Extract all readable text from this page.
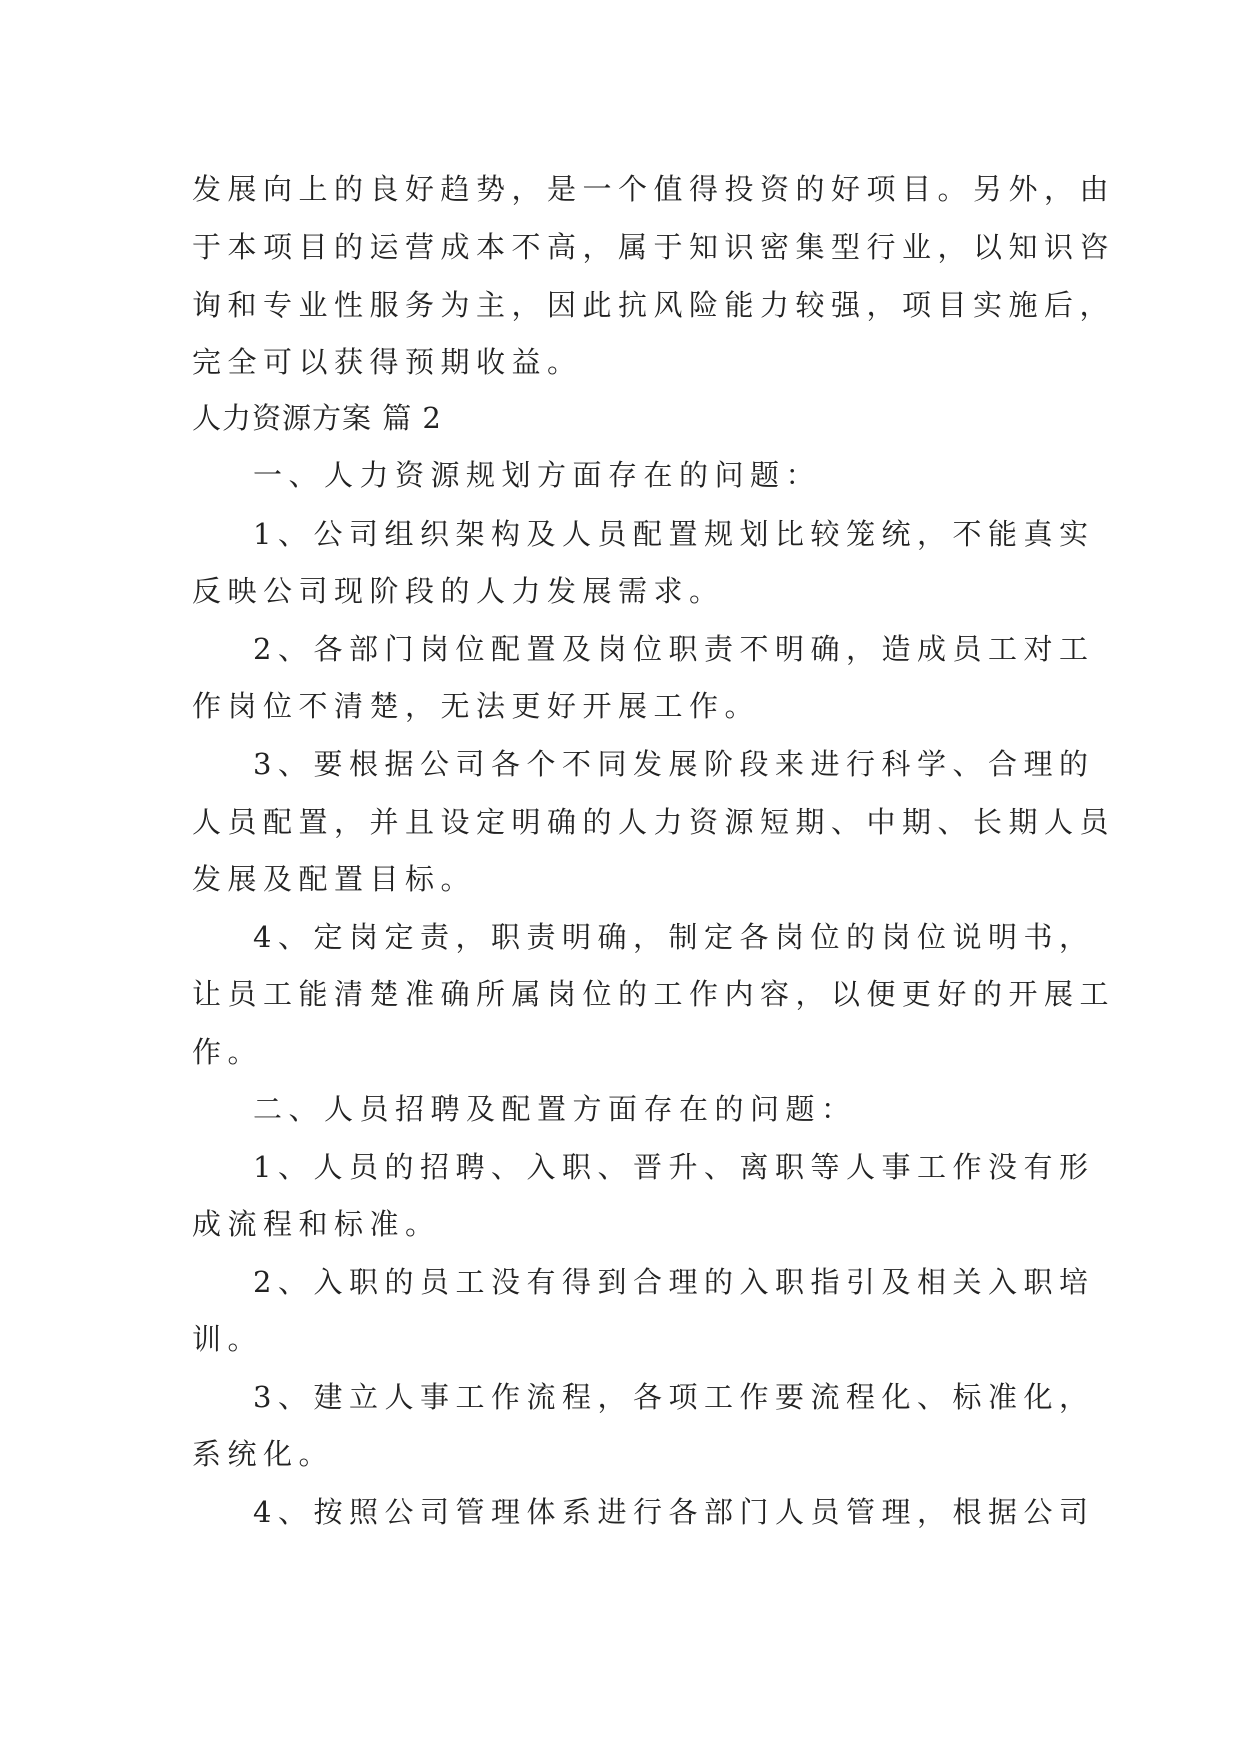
发展向上的良好趋势，是一个值得投资的好项目。另外，由
于本项目的运营成本不高，属于知识密集型行业，以知识咨
询和专业性服务为主，因此抗风险能力较强，项目实施后，
完全可以获得预期收益。
人力资源方案 篇 2
一、人力资源规划方面存在的问题：
1、公司组织架构及人员配置规划比较笼统，不能真实
反映公司现阶段的人力发展需求。
2、各部门岗位配置及岗位职责不明确，造成员工对工
作岗位不清楚，无法更好开展工作。
3、要根据公司各个不同发展阶段来进行科学、合理的
人员配置，并且设定明确的人力资源短期、中期、长期人员
发展及配置目标。
4、定岗定责，职责明确，制定各岗位的岗位说明书，
让员工能清楚准确所属岗位的工作内容，以便更好的开展工
作。
二、人员招聘及配置方面存在的问题：
1、人员的招聘、入职、晋升、离职等人事工作没有形
成流程和标准。
2、入职的员工没有得到合理的入职指引及相关入职培
训。
3、建立人事工作流程，各项工作要流程化、标准化，
系统化。
4、按照公司管理体系进行各部门人员管理，根据公司
